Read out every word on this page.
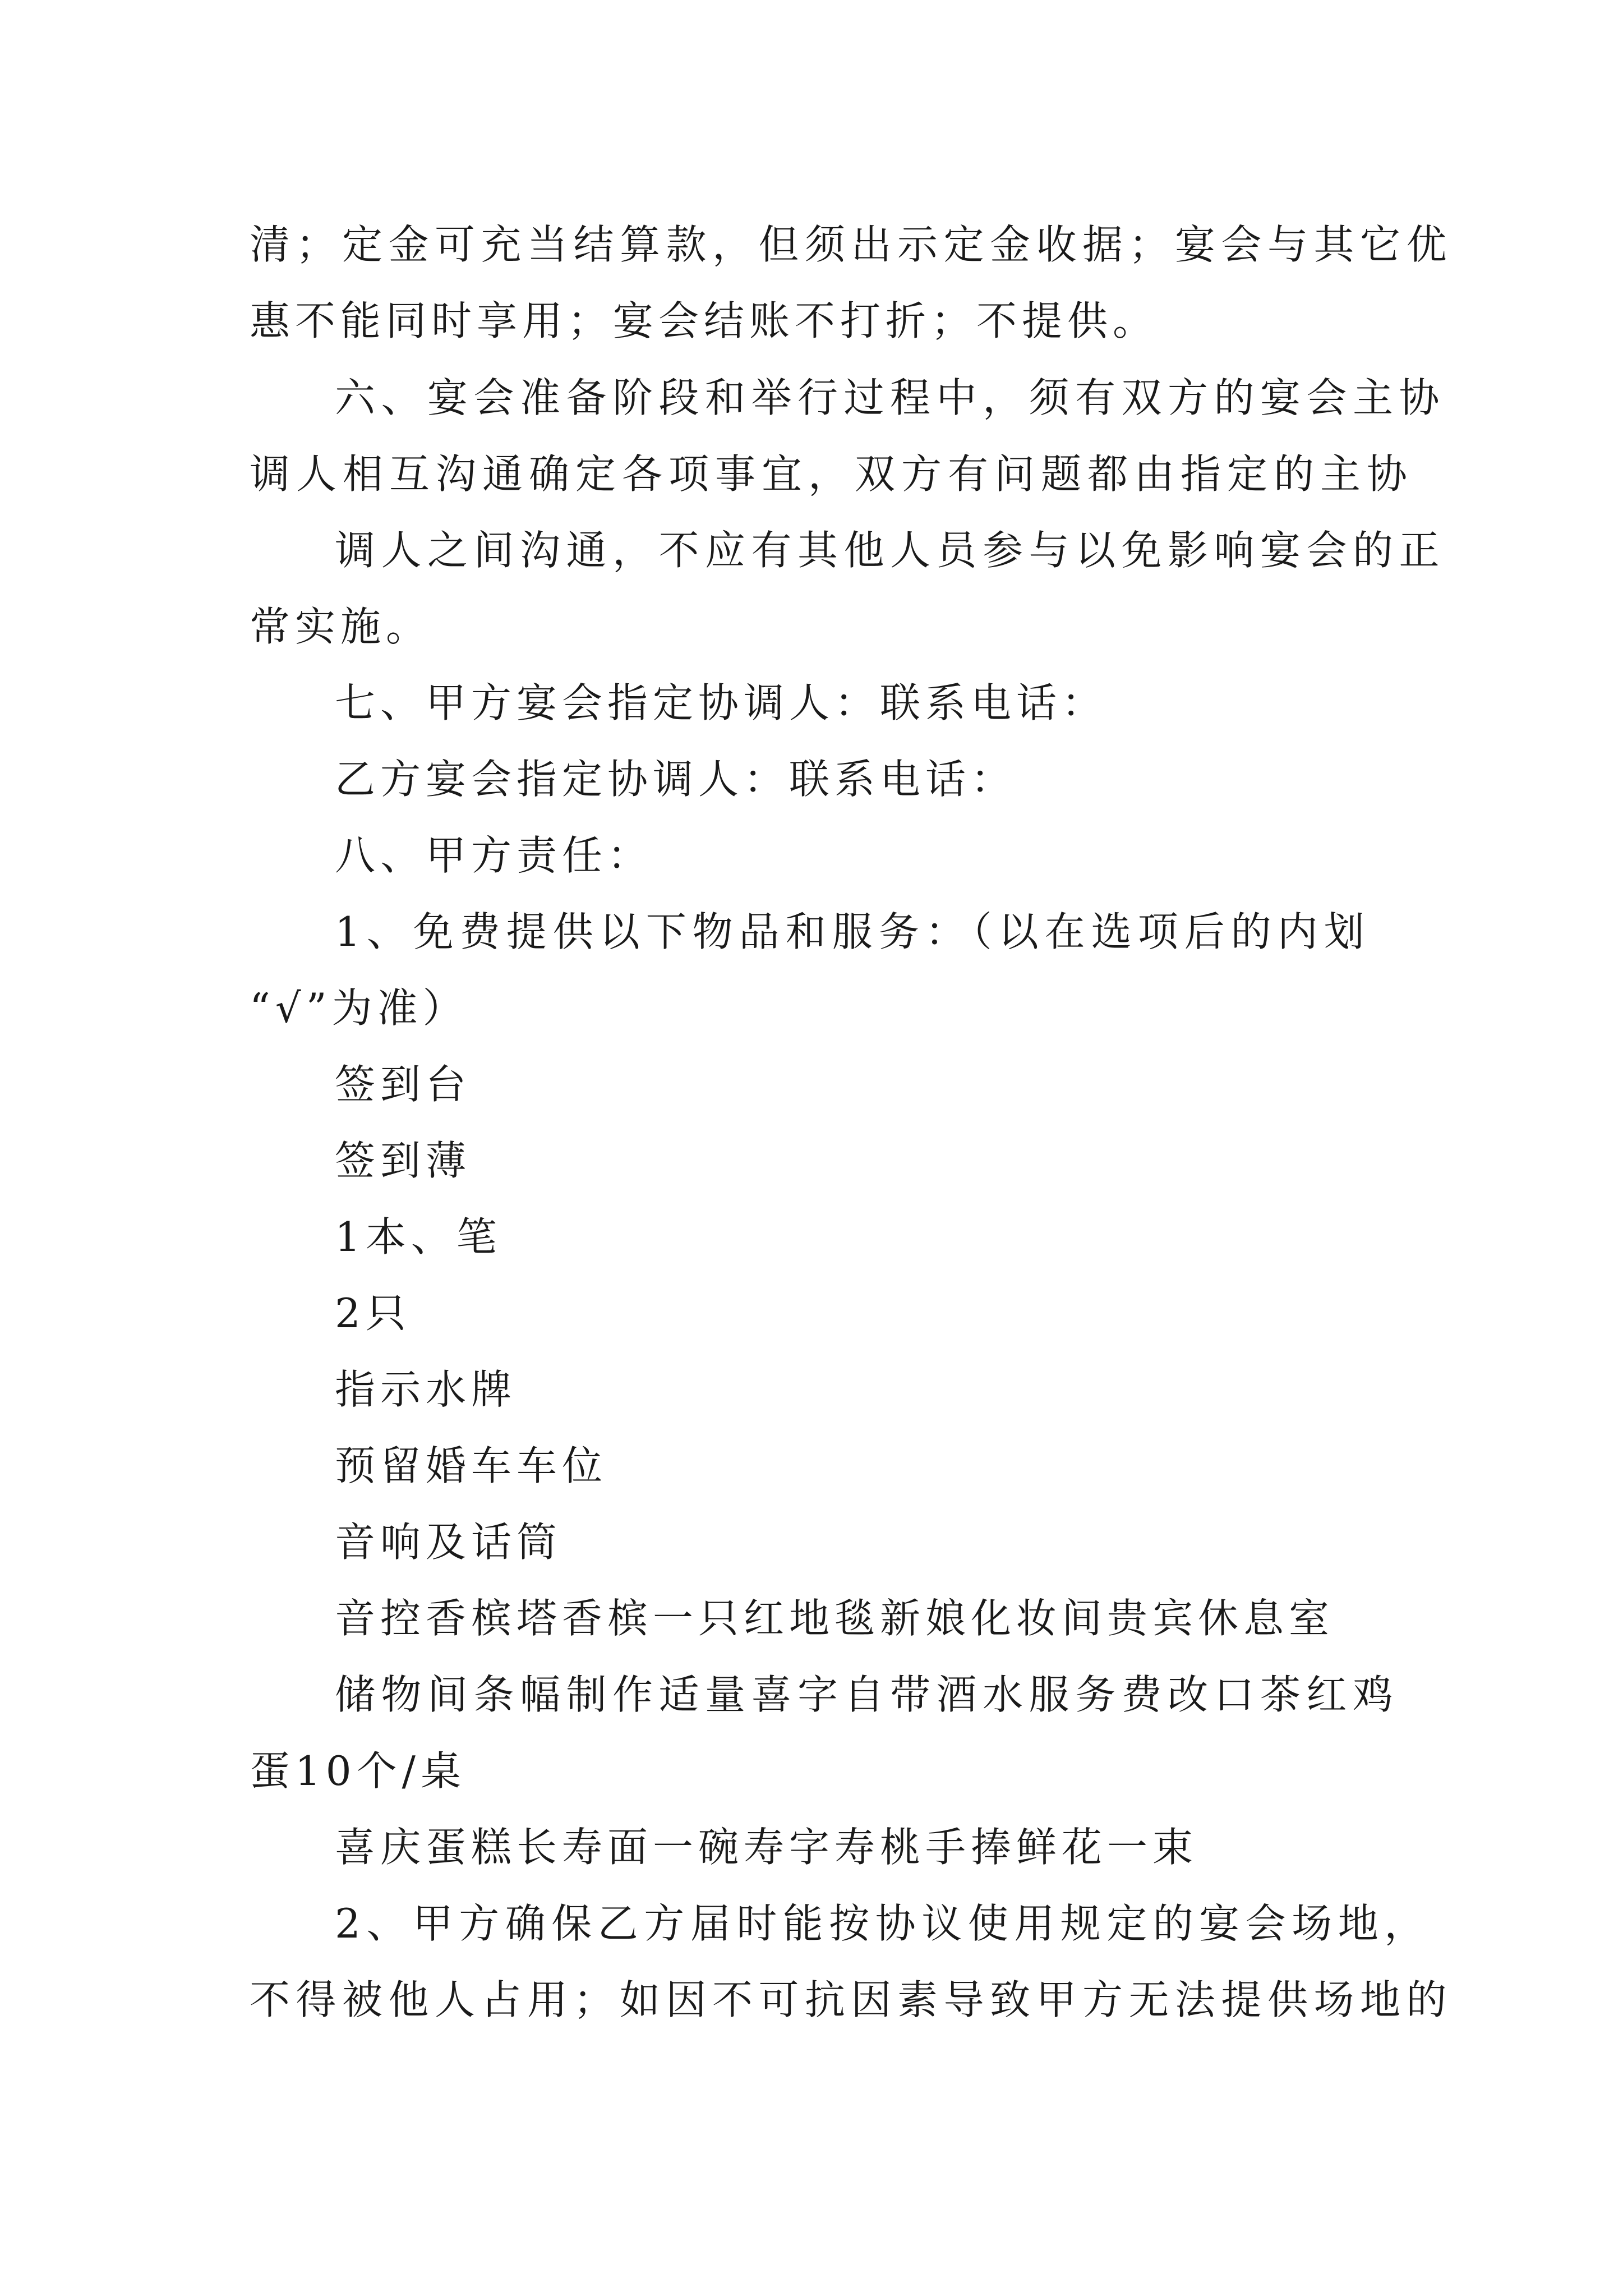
清；定金可充当结算款，但须出示定金收据；宴会与其它优
惠不能同时享用；宴会结账不打折；不提供。
六、宴会准备阶段和举行过程中，须有双方的宴会主协
调人相互沟通确定各项事宜，双方有问题都由指定的主协
调人之间沟通，不应有其他人员参与以免影响宴会的正
常实施。
七、甲方宴会指定协调人：联系电话：
乙方宴会指定协调人：联系电话：
八、甲方责任：
1、免费提供以下物品和服务：（以在选项后的内划
“√”为准）
签到台
签到薄
1本、笔
2只
指示水牌
预留婚车车位
音响及话筒
音控香槟塔香槟一只红地毯新娘化妆间贵宾休息室
储物间条幅制作适量喜字自带酒水服务费改口茶红鸡
蛋10个/桌
喜庆蛋糕长寿面一碗寿字寿桃手捧鲜花一束
2、甲方确保乙方届时能按协议使用规定的宴会场地，
不得被他人占用；如因不可抗因素导致甲方无法提供场地的
